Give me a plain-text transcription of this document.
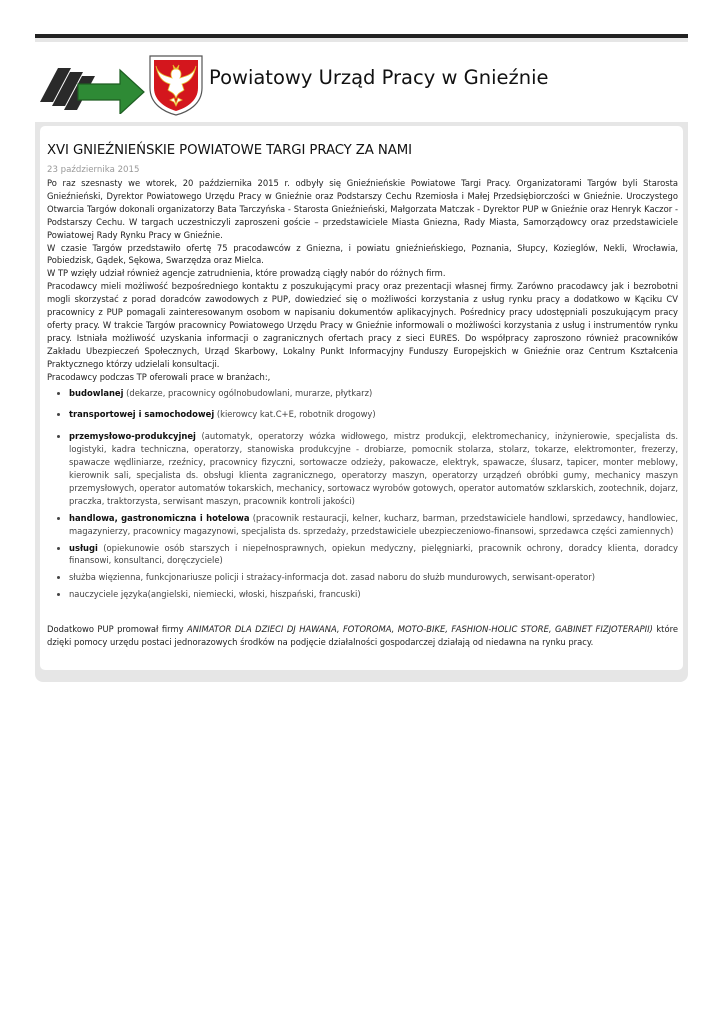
Powiatowy Urząd Pracy w Gnieźnie
XVI GNIEŹNIEŃSKIE POWIATOWE TARGI PRACY ZA NAMI
23 października 2015

Po raz szesnasty we wtorek, 20 października 2015 r. odbyły się Gnieźnieńskie Powiatowe Targi Pracy. Organizatorami Targów byli Starosta Gnieźnieński, Dyrektor Powiatowego Urzędu Pracy w Gnieźnie oraz Podstarszy Cechu Rzemiosła i Małej Przedsiębiorczości w Gnieźnie. Uroczystego Otwarcia Targów dokonali organizatorzy Bata Tarczyńska - Starosta Gnieźnieński, Małgorzata Matczak - Dyrektor PUP w Gnieźnie oraz Henryk Kaczor - Podstarszy Cechu. W targach uczestniczyli zaproszeni goście – przedstawiciele Miasta Gniezna, Rady Miasta, Samorządowcy oraz przedstawiciele Powiatowej Rady Rynku Pracy w Gnieźnie.

W czasie Targów przedstawiło ofertę 75 pracodawców z Gniezna, i powiatu gnieźnieńskiego, Poznania, Słupcy, Kozieglów, Nekli, Wrocławia, Pobiedzisk, Gądek, Sękowa, Swarzędza oraz Mielca.

W TP wzięły udział również agencje zatrudnienia, które prowadzą ciągły nabór do różnych firm.

Pracodawcy mieli możliwość bezpośredniego kontaktu z poszukującymi pracy oraz prezentacji własnej firmy. Zarówno pracodawcy jak i bezrobotni mogli skorzystać z porad doradców zawodowych z PUP, dowiedzieć się o możliwości korzystania z usług rynku pracy a dodatkowo w Kąciku CV pracownicy z PUP pomagali zainteresowanym osobom w napisaniu dokumentów aplikacyjnych. Pośrednicy pracy udostępniali poszukującym pracy oferty pracy. W trakcie Targów pracownicy Powiatowego Urzędu Pracy w Gnieźnie informowali o możliwości korzystania z usług i instrumentów rynku pracy. Istniała możliwość uzyskania informacji o zagranicznych ofertach pracy z sieci EURES. Do współpracy zaproszono również pracowników Zakładu Ubezpieczeń Społecznych, Urząd Skarbowy, Lokalny Punkt Informacyjny Funduszy Europejskich w Gnieźnie oraz Centrum Kształcenia Praktycznego którzy udzielali konsultacji.

Pracodawcy podczas TP oferowali prace w branżach:,

• budowlanej (dekarze, pracownicy ogólnobudowlani, murarze, płytkarz)
• transportowej i samochodowej (kierowcy kat.C+E, robotnik drogowy)
• przemysłowo-produkcyjnej (automatyk, operatorzy wózka widłowego, mistrz produkcji, elektromechanicy, inżynierowie, specjalista ds. logistyki, kadra techniczna, operatorzy, stanowiska produkcyjne - drobiarze, pomocnik stolarza, stolarz, tokarze, elektromonter, frezerzy, spawacze wędliniarze, rzeźnicy, pracownicy fizyczni, sortowacze odzieży, pakowacze, elektryk, spawacze, ślusarz, tapicer, monter meblowy, kierownik sali, specjalista ds. obsługi klienta zagranicznego, operatorzy maszyn, operatorzy urządzeń obróbki gumy, mechanicy maszyn przemysłowych, operator automatów tokarskich, mechanicy, sortowacz wyrobów gotowych, operator automatów szklarskich, zootechnik, dojarz, praczka, traktorzysta, serwisant maszyn, pracownik kontroli jakości)
• handlowa, gastronomiczna i hotelowa (pracownik restauracji, kelner, kucharz, barman, przedstawiciele handlowi, sprzedawcy, handlowiec, magazynierzy, pracownicy magazynowi, specjalista ds. sprzedaży, przedstawiciele ubezpieczeniowo-finansowi, sprzedawca części zamiennych)
• usługi (opiekunowie osób starszych i niepełnosprawnych, opiekun medyczny, pielęgniarki, pracownik ochrony, doradcy klienta, doradcy finansowi, konsultanci, doręczyciele)
• służba więzienna, funkcjonariusze policji i strażacy-informacja dot. zasad naboru do służb mundurowych, serwisant-operator)
• nauczyciele języka(angielski, niemiecki, włoski, hiszpański, francuski)

Dodatkowo PUP promował firmy ANIMATOR DLA DZIECI DJ HAWANA, FOTOROMA, MOTO-BIKE, FASHION-HOLIC STORE, GABINET FIZJOTERAPII) które dzięki pomocy urzędu postaci jednorazowych środków na podjęcie działalności gospodarczej działają od niedawna na rynku pracy.
